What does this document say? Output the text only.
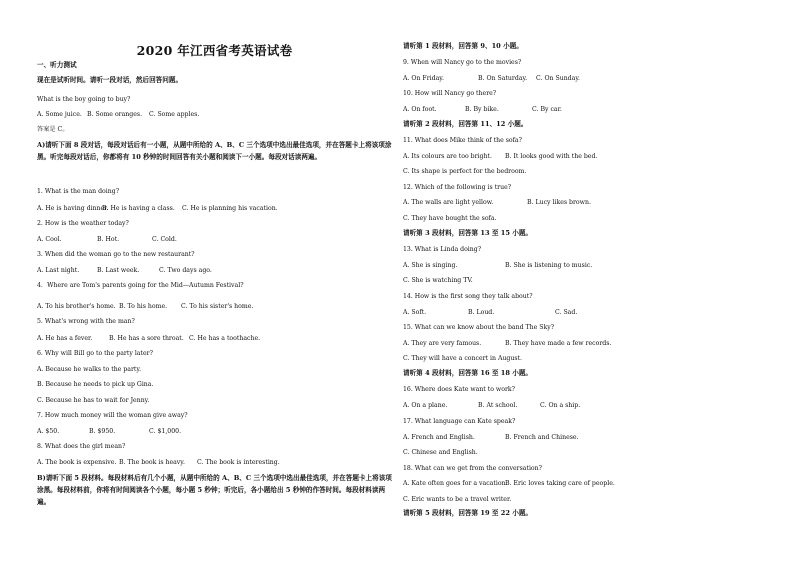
2020 年江西省考英语试卷
一、听力测试
现在是试听时间。请听一段对话，然后回答问题。
What is the boy going to buy?
A. Some juice. B. Some oranges. C. Some apples.
答案是 C。
A)请听下面 8 段对话，每段对话后有一小题，从题中所给的 A、B、C 三个选项中选出最佳选项，并在答题卡上将该项涂黑。听完每段对话后，你都将有 10 秒钟的时间回答有关小题和阅读下一小题。每段对话读两遍。
1. What is the man doing?
A. He is having dinner.B. He is having a class. C. He is planning his vacation.
2. How is the weather today?
A. Cool.	B. Hot.	C. Cold.
3. When did the woman go to the new restaurant?
A. Last night.	B. Last week.	C. Two days ago.
4．Where are Tom's parents going for the Mid—Autumn Festival?
A. To his brother's home. B. To his home. C. To his sister's home.
5. What's wrong with the man?
A. He has a fever.	B. He has a sore throat. C. He has a toothache.
6. Why will Bill go to the party later?
A. Because he walks to the party.
B. Because he needs to pick up Gina.
C. Because he has to wait for Jenny.
7. How much money will the woman give away?
A. $50.	B. $950.	C. $1,000.
8. What does the girl mean?
A. The book is expensive. B. The book is heavy. C. The book is interesting.
B)请听下面 5 段材料。每段材料后有几个小题，从题中所给的 A、B、C 三个选项中选出最佳选项，并在答题卡上将该项涂黑。每段材料前，你将有时间阅读各个小题，每小题 5 秒钟；听完后，各小题给出 5 秒钟的作答时间。每段材料读两遍。
请听第 1 段材料，回答第 9、10 小题。
9. When will Nancy go to the movies?
A. On Friday.	B. On Saturday. C. On Sunday.
10. How will Nancy go there?
A. On foot.	B. By bike.	C. By car.
请听第 2 段材料，回答第 11、12 小题。
11. What does Mike think of the sofa?
A. Its colours are too bright. B. It looks good with the bed.
C. Its shape is perfect for the bedroom.
12. Which of the following is true?
A. The walls are light yellow.	B. Lucy likes brown.
C. They have bought the sofa.
请听第 3 段材料，回答第 13 至 15 小题。
13. What is Linda doing?
A. She is singing.	B. She is listening to music.
C. She is watching TV.
14. How is the first song they talk about?
A. Soft.	B. Loud.	C. Sad.
15. What can we know about the band The Sky?
A. They are very famous.	B. They have made a few records.
C. They will have a concert in August.
请听第 4 段材料，回答第 16 至 18 小题。
16. Where does Kate want to work?
A. On a plane.	B. At school.	C. On a ship.
17. What language can Kate speak?
A. French and English.	B. French and Chinese.
C. Chinese and English.
18. What can we get from the conversation?
A. Kate often goes for a vacation.B. Eric loves taking care of people.
C. Eric wants to be a travel writer.
请听第 5 段材料，回答第 19 至 22 小题。
